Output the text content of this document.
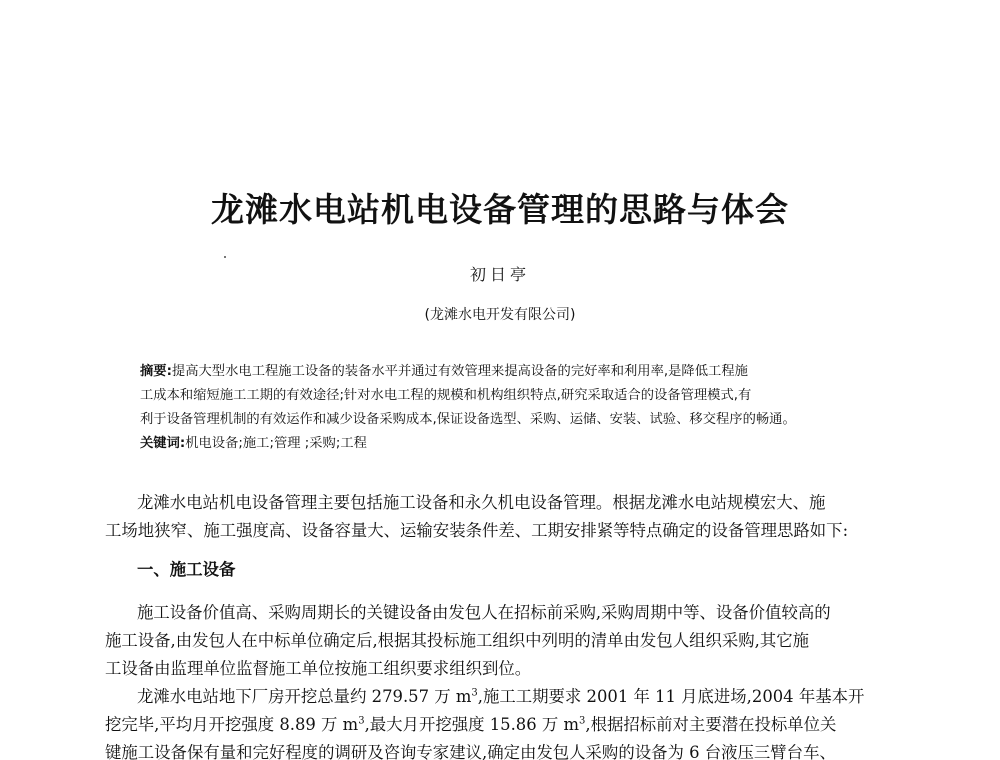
龙滩水电站机电设备管理的思路与体会
初日亭
(龙滩水电开发有限公司)
摘要:提高大型水电工程施工设备的装备水平并通过有效管理来提高设备的完好率和利用率,是降低工程施
工成本和缩短施工工期的有效途径;针对水电工程的规模和机构组织特点,研究采取适合的设备管理模式,有
利于设备管理机制的有效运作和减少设备采购成本,保证设备选型、采购、运储、安装、试验、移交程序的畅通。
关键词:机电设备;施工;管理 ;采购;工程
龙滩水电站机电设备管理主要包括施工设备和永久机电设备管理。根据龙滩水电站规模宏大、施
工场地狭窄、施工强度高、设备容量大、运输安装条件差、工期安排紧等特点确定的设备管理思路如下:
一、施工设备
施工设备价值高、采购周期长的关键设备由发包人在招标前采购,采购周期中等、设备价值较高的
施工设备,由发包人在中标单位确定后,根据其投标施工组织中列明的清单由发包人组织采购,其它施
工设备由监理单位监督施工单位按施工组织要求组织到位。
龙滩水电站地下厂房开挖总量约 279.57 万 $m^3$,施工工期要求 2001 年 11 月底进场,2004 年基本开
挖完毕,平均月开挖强度 8.89 万 $m^3$,最大月开挖强度 15.86 万 $m^3$,根据招标前对主要潜在投标单位关
键施工设备保有量和完好程度的调研及咨询专家建议,确定由发包人采购的设备为 6 台液压三臂台车、
